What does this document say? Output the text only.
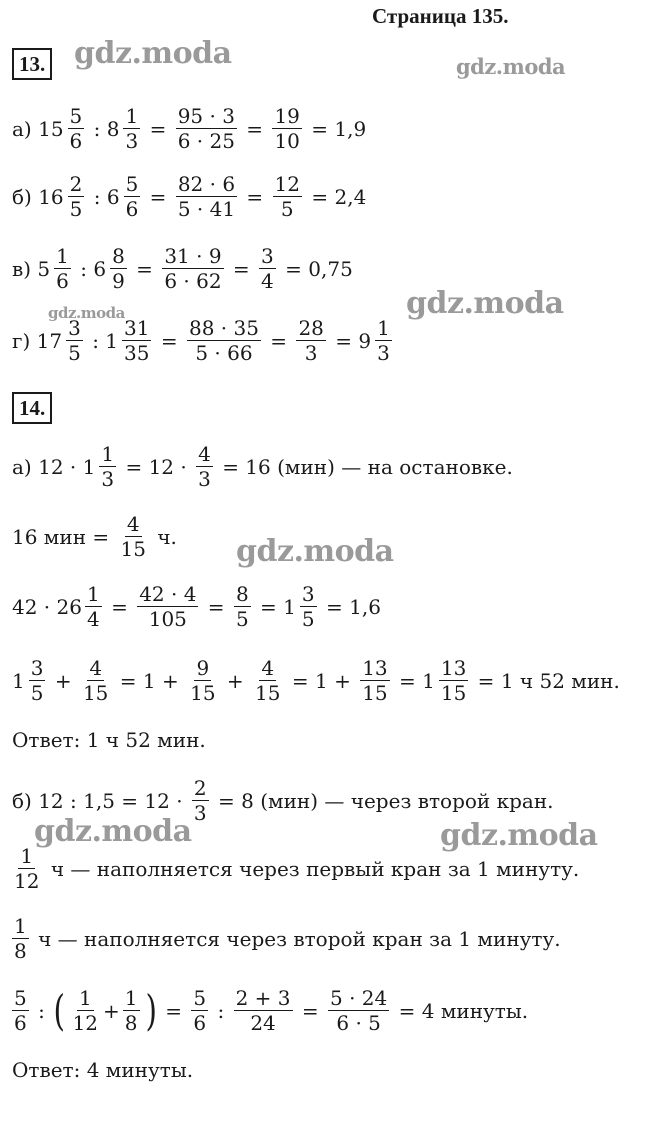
Страница 135.
gdz.moda	gdz.moda
gdz.moda
gdz.moda
gdz.moda
gdz.moda	gdz.moda
13.
а)
$15 \frac{5}{6}$
:
$8 \frac{1}{3} = \frac{95 \cdot 3}{6 \cdot 25} = \frac{19}{10} = 1,9$
б)
$16 \frac{2}{5}$
:
$6 \frac{5}{6} = \frac{82 \cdot 6}{5 \cdot 41} = \frac{12}{5} = 2,4$
в)
$5 \frac{1}{6}$
:
$6 \frac{8}{9} = \frac{31 \cdot 9}{6 \cdot 62} = \frac{3}{4} = 0,75$
г)
$17 \frac{3}{5}$
:
$1 \frac{31}{35} = \frac{88 \cdot 35}{5 \cdot 66} = \frac{28}{3} = 9 \frac{1}{3}$
14.
а)
12 ·
$1 \frac{1}{3}$
= 12 ·
$\frac{4}{3}$
= 16 (мин) — на остановке.
16 мин =
$\frac{4}{15}$
ч.
$42 \cdot 26 \frac{1}{4} = \frac{42 \cdot 4}{105} = \frac{8}{5} = 1 \frac{3}{5} = 1,6$
$1 \frac{3}{5} + \frac{4}{15} = 1 + \frac{9}{15} + \frac{4}{15} = 1 + \frac{13}{15} = 1 \frac{13}{15} = 1$ ч 52 мин.
Ответ: 1 ч 52 мин.
б)
12 : 1,5 = 12 ·
$\frac{2}{3}$
= 8 (мин) — через второй кран.
$\frac{1}{12}$
ч — наполняется через первый кран за 1 минуту.
$\frac{1}{8}$
ч — наполняется через второй кран за 1 минуту.
$\frac{5}{6}$ : ( $\frac{1}{12} + \frac{1}{8}$ ) = $\frac{5}{6}$ : $\frac{2 + 3}{24} = \frac{5 \cdot 24}{6 \cdot 5} = 4$ минуты.
Ответ: 4 минуты.
